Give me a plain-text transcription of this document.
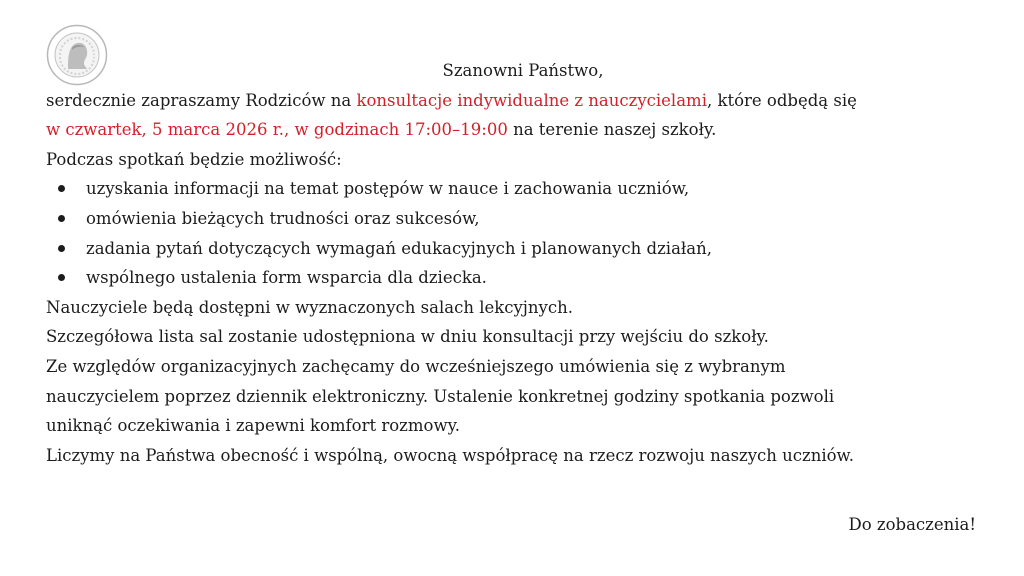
Szanowni Państwo,

serdecznie zapraszamy Rodziców na konsultacje indywidualne z nauczycielami, które odbędą się

w czwartek, 5 marca 2026 r., w godzinach 17:00–19:00 na terenie naszej szkoły.

Podczas spotkań będzie możliwość:

uzyskania informacji na temat postępów w nauce i zachowania uczniów,
omówienia bieżących trudności oraz sukcesów,
zadania pytań dotyczących wymagań edukacyjnych i planowanych działań,
wspólnego ustalenia form wsparcia dla dziecka.

Nauczyciele będą dostępni w wyznaczonych salach lekcyjnych.

Szczegółowa lista sal zostanie udostępniona w dniu konsultacji przy wejściu do szkoły.

Ze względów organizacyjnych zachęcamy do wcześniejszego umówienia się z wybranym

nauczycielem poprzez dziennik elektroniczny. Ustalenie konkretnej godziny spotkania pozwoli

uniknąć oczekiwania i zapewni komfort rozmowy.

Liczymy na Państwa obecność i wspólną, owocną współpracę na rzecz rozwoju naszych uczniów.

Do zobaczenia!
